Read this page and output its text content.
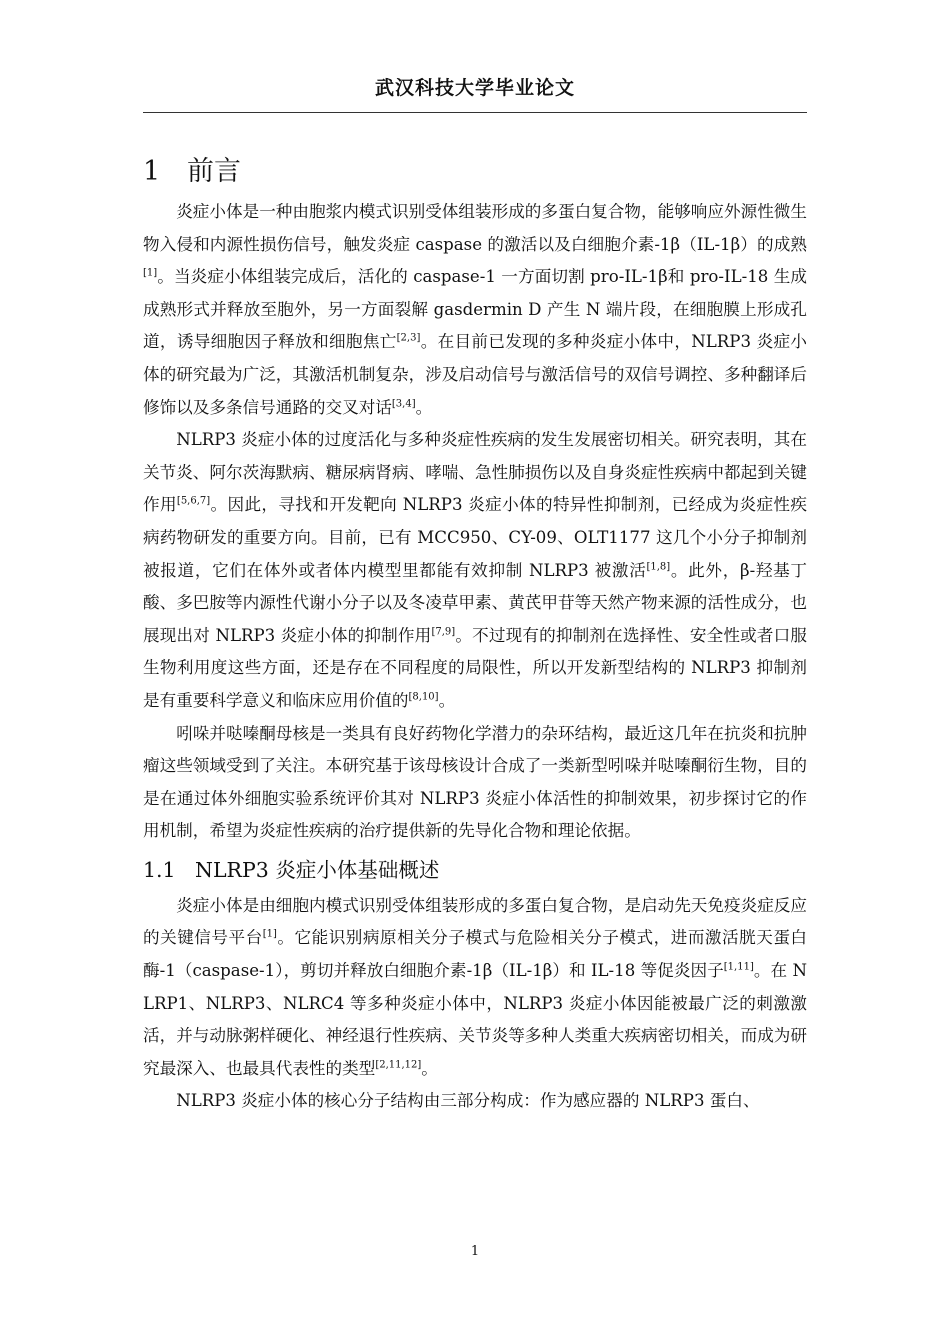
武汉科技大学毕业论文
1 前言

炎症小体是一种由胞浆内模式识别受体组装形成的多蛋白复合物，能够响应外源性微生物入侵和内源性损伤信号，触发炎症 caspase 的激活以及白细胞介素-1β（IL-1β）的成熟[1]。当炎症小体组装完成后，活化的 caspase-1 一方面切割 pro-IL-1β和 pro-IL-18 生成成熟形式并释放至胞外，另一方面裂解 gasdermin D 产生 N 端片段，在细胞膜上形成孔道，诱导细胞因子释放和细胞焦亡[2,3]。在目前已发现的多种炎症小体中，NLRP3 炎症小体的研究最为广泛，其激活机制复杂，涉及启动信号与激活信号的双信号调控、多种翻译后修饰以及多条信号通路的交叉对话[3,4]。

NLRP3 炎症小体的过度活化与多种炎症性疾病的发生发展密切相关。研究表明，其在关节炎、阿尔茨海默病、糖尿病肾病、哮喘、急性肺损伤以及自身炎症性疾病中都起到关键作用[5,6,7]。因此，寻找和开发靶向 NLRP3 炎症小体的特异性抑制剂，已经成为炎症性疾病药物研发的重要方向。目前，已有 MCC950、CY-09、OLT1177 这几个小分子抑制剂被报道，它们在体外或者体内模型里都能有效抑制 NLRP3 被激活[1,8]。此外，β-羟基丁酸、多巴胺等内源性代谢小分子以及冬凌草甲素、黄芪甲苷等天然产物来源的活性成分，也展现出对 NLRP3 炎症小体的抑制作用[7,9]。不过现有的抑制剂在选择性、安全性或者口服生物利用度这些方面，还是存在不同程度的局限性，所以开发新型结构的 NLRP3 抑制剂是有重要科学意义和临床应用价值的[8,10]。

吲哚并哒嗪酮母核是一类具有良好药物化学潜力的杂环结构，最近这几年在抗炎和抗肿瘤这些领域受到了关注。本研究基于该母核设计合成了一类新型吲哚并哒嗪酮衍生物，目的是在通过体外细胞实验系统评价其对 NLRP3 炎症小体活性的抑制效果，初步探讨它的作用机制，希望为炎症性疾病的治疗提供新的先导化合物和理论依据。

1.1 NLRP3 炎症小体基础概述

炎症小体是由细胞内模式识别受体组装形成的多蛋白复合物，是启动先天免疫炎症反应的关键信号平台[1]。它能识别病原相关分子模式与危险相关分子模式，进而激活胱天蛋白酶-1（caspase-1），剪切并释放白细胞介素-1β（IL-1β）和 IL-18 等促炎因子[1,11]。在 NLRP1、NLRP3、NLRC4 等多种炎症小体中，NLRP3 炎症小体因能被最广泛的刺激激活，并与动脉粥样硬化、神经退行性疾病、关节炎等多种人类重大疾病密切相关，而成为研究最深入、也最具代表性的类型[2,11,12]。

NLRP3 炎症小体的核心分子结构由三部分构成：作为感应器的 NLRP3 蛋白、

1
